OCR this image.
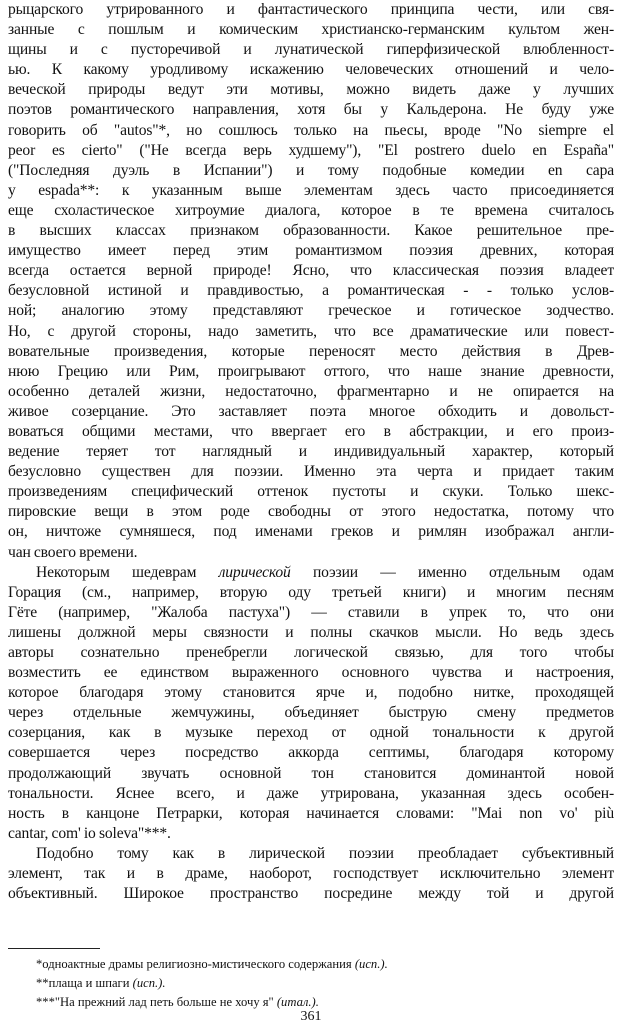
рыцарского утрированного и фантастического принципа чести, или свя-
занные с пошлым и комическим христианско-германским культом жен-
щины и с пусторечивой и лунатической гиперфизической влюбленност-
ью. К какому уродливому искажению человеческих отношений и чело-
веческой природы ведут эти мотивы, можно видеть даже у лучших
поэтов романтического направления, хотя бы у Кальдерона. Не буду уже
говорить об "autos"*, но сошлюсь только на пьесы, вроде "No siempre el
peor es cierto" ("Не всегда верь худшему"), "El postrero duelo en España"
("Последняя дуэль в Испании") и тому подобные комедии en capa
y espada**: к указанным выше элементам здесь часто присоединяется
еще схоластическое хитроумие диалога, которое в те времена считалось
в высших классах признаком образованности. Какое решительное пре-
имущество имеет перед этим романтизмом поэзия древних, которая
всегда остается верной природе! Ясно, что классическая поэзия владеет
безусловной истиной и правдивостью, а романтическая - - только услов-
ной; аналогию этому представляют греческое и готическое зодчество.
Но, с другой стороны, надо заметить, что все драматические или повест-
вовательные произведения, которые переносят место действия в Древ-
нюю Грецию или Рим, проигрывают оттого, что наше знание древности,
особенно деталей жизни, недостаточно, фрагментарно и не опирается на
живое созерцание. Это заставляет поэта многое обходить и довольст-
воваться общими местами, что ввергает его в абстракции, и его произ-
ведение теряет тот наглядный и индивидуальный характер, который
безусловно существен для поэзии. Именно эта черта и придает таким
произведениям специфический оттенок пустоты и скуки. Только шекс-
пировские вещи в этом роде свободны от этого недостатка, потому что
он, ничтоже сумняшеся, под именами греков и римлян изображал англи-
чан своего времени.
Некоторым шедеврам лирической поэзии — именно отдельным одам
Горация (см., например, вторую оду третьей книги) и многим песням
Гёте (например, "Жалоба пастуха") — ставили в упрек то, что они
лишены должной меры связности и полны скачков мысли. Но ведь здесь
авторы сознательно пренебрегли логической связью, для того чтобы
возместить ее единством выраженного основного чувства и настроения,
которое благодаря этому становится ярче и, подобно нитке, проходящей
через отдельные жемчужины, объединяет быструю смену предметов
созерцания, как в музыке переход от одной тональности к другой
совершается через посредство аккорда септимы, благодаря которому
продолжающий звучать основной тон становится доминантой новой
тональности. Яснее всего, и даже утрирована, указанная здесь особен-
ность в канцоне Петрарки, которая начинается словами: "Mai non vo' più
cantar, com' io soleva"***.
Подобно тому как в лирической поэзии преобладает субъективный
элемент, так и в драме, наоборот, господствует исключительно элемент
объективный. Широкое пространство посредине между той и другой
*одноактные драмы религиозно-мистического содержания (исп.).
**плаща и шпаги (исп.).
***"На прежний лад петь больше не хочу я" (итал.).
361
